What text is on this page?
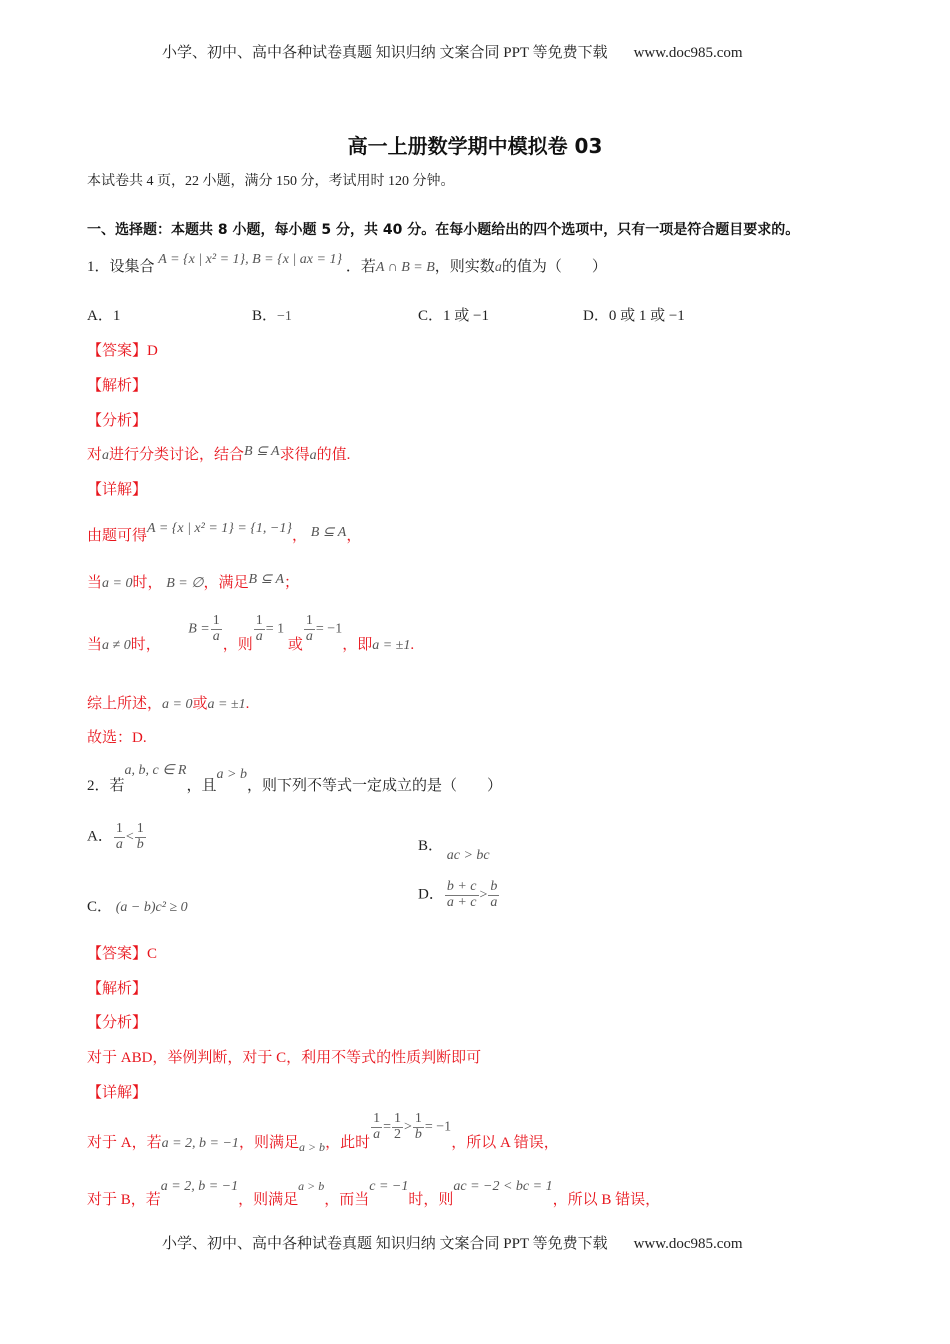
小学、初中、高中各种试卷真题 知识归纳 文案合同 PPT 等免费下载 www.doc985.com
高一上册数学期中模拟卷 03
本试卷共 4 页，22 小题，满分 150 分，考试用时 120 分钟。
一、选择题：本题共 8 小题，每小题 5 分，共 40 分。在每小题给出的四个选项中，只有一项是符合题目要求的。
1．设集合 A = {x | x² = 1}, B = {x | ax = 1} ．若A ∩ B = B，则实数a的值为（　　）
A．1	B．−1	C．1 或 −1	D．0 或 1 或 −1
【答案】D
【解析】
【分析】
对a进行分类讨论，结合B ⊆ A求得a的值.
【详解】
由题可得A = {x | x² = 1} = {1, −1}， B ⊆ A，
当a = 0时， B = ∅，满足B ⊆ A；
当a ≠ 0时，  $B = \frac{1}{a}$
，则
$\frac{1}{a} = 1$ 或
$\frac{1}{a} = -1$，即a = ±1.
综上所述，a = 0或a = ±1.
故选：D.
2．若a, b, c ∈ R，且a > b，则下列不等式一定成立的是（　　）
A． $\frac{1}{a} < \frac{1}{b}$	B． ac > bc
C． (a − b)c² ≥ 0
D． $\frac{b + c}{a + c} > \frac{b}{a}$
【答案】C
【解析】
【分析】
对于 ABD，举例判断，对于 C，利用不等式的性质判断即可
【详解】
对于 A，若a = 2, b = −1，则满足$_{a > b}$，此时
$\frac{1}{a} = \frac{1}{2} > \frac{1}{b} = -1$，所以 A 错误，
对于 B，若a = 2, b = −1，则满足$^{a > b}$，而当c = −1时，则ac = −2 < bc = 1，所以 B 错误，
小学、初中、高中各种试卷真题 知识归纳 文案合同 PPT 等免费下载 www.doc985.com
